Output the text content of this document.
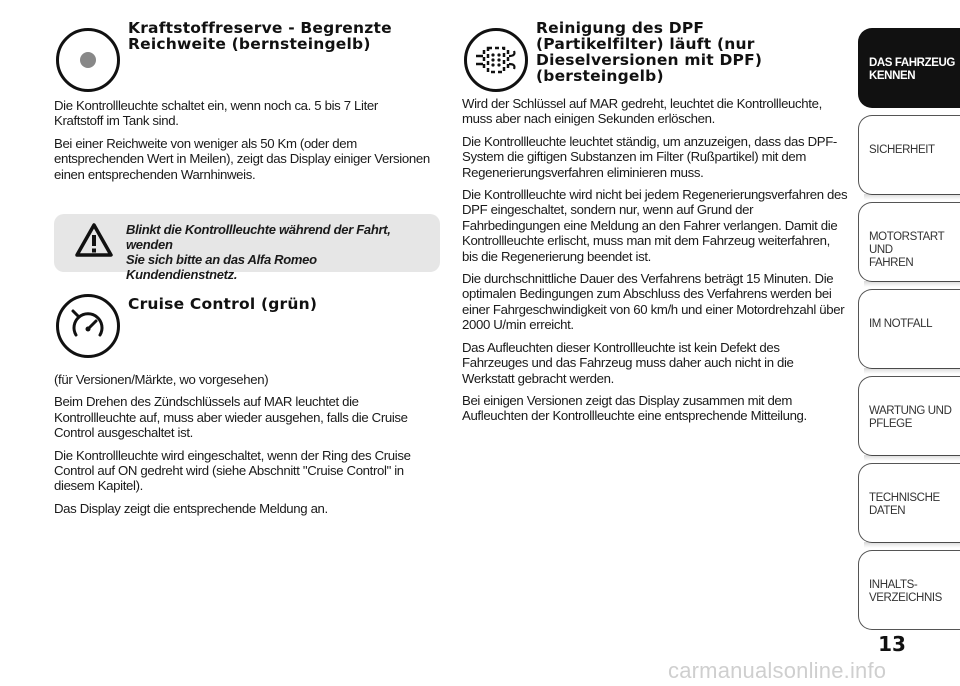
Kraftstoffreserve - Begrenzte

Reichweite (bernsteingelb)

Die Kontrollleuchte schaltet ein, wenn noch ca. 5 bis 7 Liter Kraftstoff im Tank sind.

Bei einer Reichweite von weniger als 50 Km (oder dem entsprechenden Wert in Meilen), zeigt das Display einiger Versionen einen entsprechenden Warnhinweis.

Blinkt die Kontrollleuchte während der Fahrt, wenden
Sie sich bitte an das Alfa Romeo Kundendienstnetz.

Cruise Control (grün)

(für Versionen/Märkte, wo vorgesehen)

Beim Drehen des Zündschlüssels auf MAR leuchtet die Kontrollleuchte auf, muss aber wieder ausgehen, falls die Cruise Control ausgeschaltet ist.

Die Kontrollleuchte wird eingeschaltet, wenn der Ring des Cruise Control auf ON gedreht wird (siehe Abschnitt "Cruise Control" in diesem Kapitel).

Das Display zeigt die entsprechende Meldung an.

Reinigung des DPF

(Partikelfilter) läuft (nur

Dieselversionen mit DPF)

(bersteingelb)

Wird der Schlüssel auf MAR gedreht, leuchtet die Kontrollleuchte, muss aber nach einigen Sekunden erlöschen.

Die Kontrollleuchte leuchtet ständig, um anzuzeigen, dass das DPF-System die giftigen Substanzen im Filter (Rußpartikel) mit dem Regenerierungsverfahren eliminieren muss.

Die Kontrollleuchte wird nicht bei jedem Regenerierungsverfahren des DPF eingeschaltet, sondern nur, wenn auf Grund der Fahrbedingungen eine Meldung an den Fahrer verlangen. Damit die Kontrollleuchte erlischt, muss man mit dem Fahrzeug weiterfahren, bis die Regenerierung beendet ist.

Die durchschnittliche Dauer des Verfahrens beträgt 15 Minuten. Die optimalen Bedingungen zum Abschluss des Verfahrens werden bei einer Fahrgeschwindigkeit von 60 km/h und einer Motordrehzahl über 2000 U/min erreicht.

Das Aufleuchten dieser Kontrollleuchte ist kein Defekt des Fahrzeuges und das Fahrzeug muss daher auch nicht in die Werkstatt gebracht werden.

Bei einigen Versionen zeigt das Display zusammen mit dem Aufleuchten der Kontrollleuchte eine entsprechende Mitteilung.

DAS FAHRZEUG
KENNEN
SICHERHEIT

MOTORSTART UND
FAHREN
IM NOTFALL

WARTUNG UND
PFLEGE
TECHNISCHE DATEN

INHALTS-
VERZEICHNIS
13
carmanualsonline.info
